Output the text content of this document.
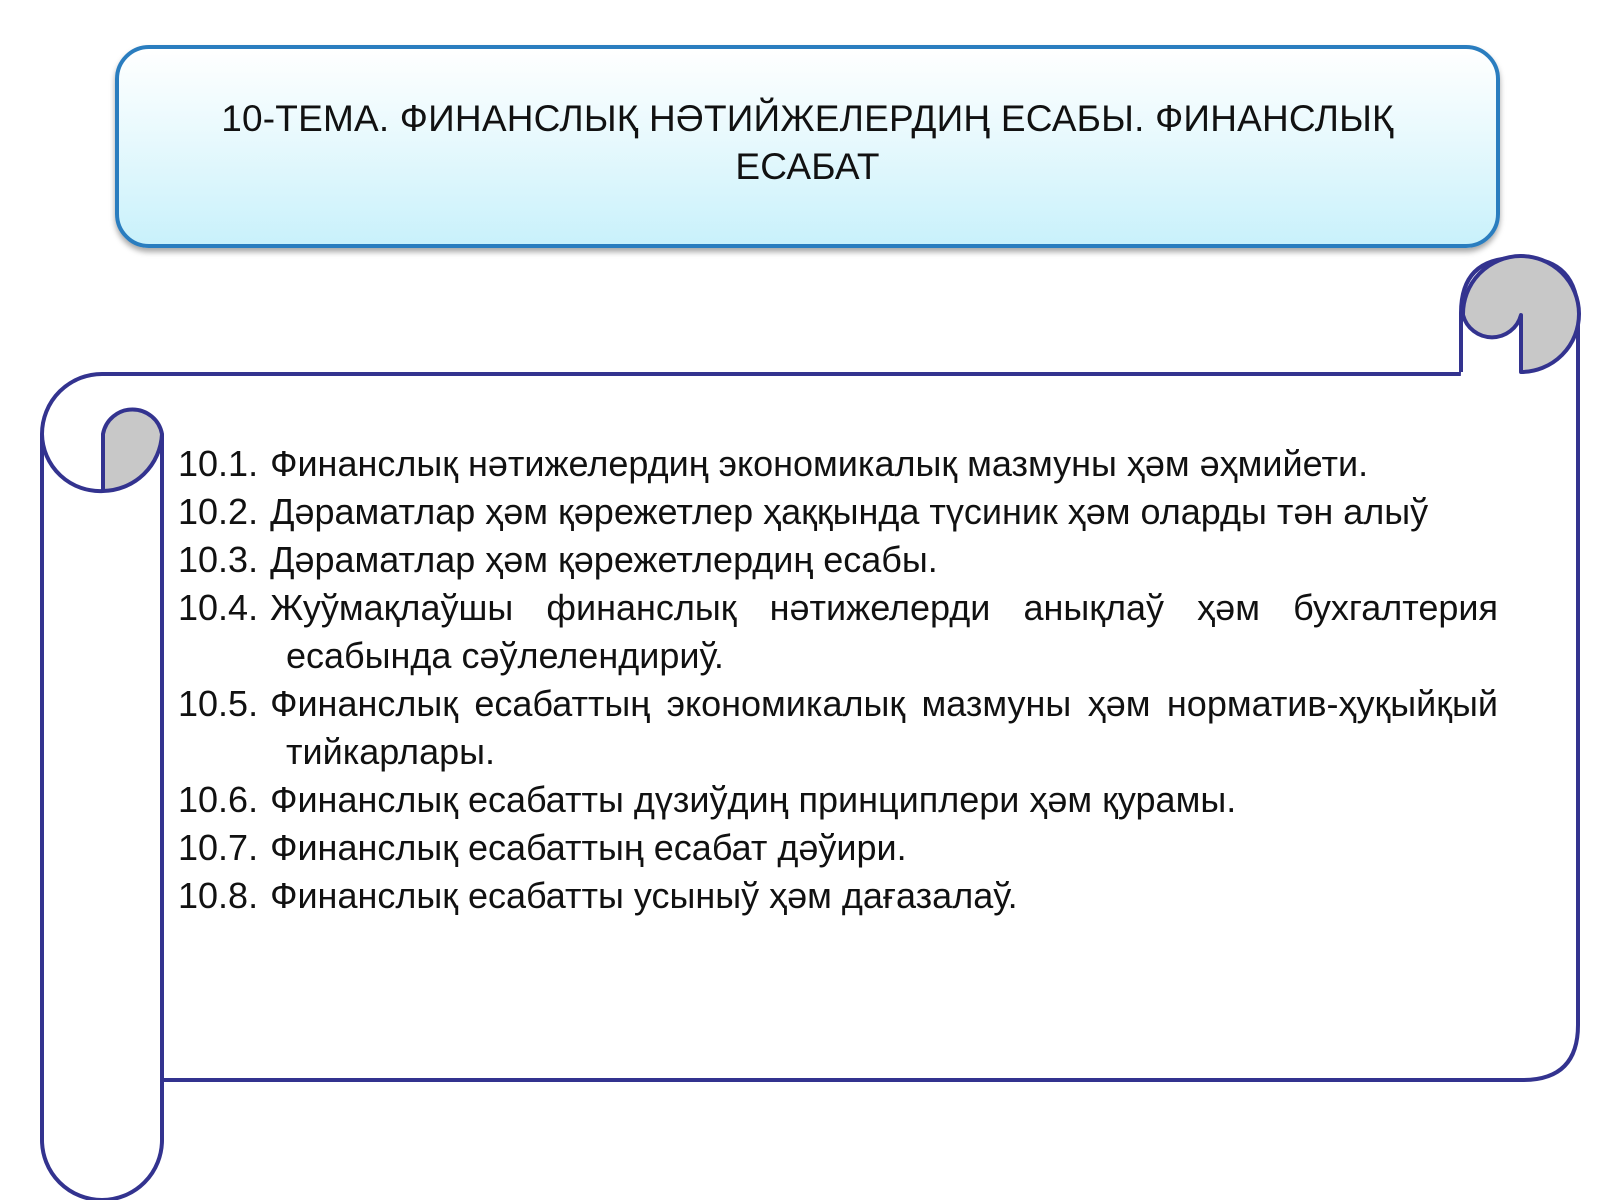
10-ТЕМА. ФИНАНСЛЫҚ НӘТИЙЖЕЛЕРДИҢ ЕСАБЫ. ФИНАНСЛЫҚ ЕСАБАТ
10.1. Финанслық нәтижелердиң экономикалық мазмуны ҳәм әҳмийети.
10.2. Дәраматлар ҳәм қәрежетлер ҳаққында түсиник ҳәм оларды тән алыў
10.3. Дәраматлар ҳәм қәрежетлердиң есабы.
10.4. Жуўмақлаўшы финанслық нәтижелерди анықлаў ҳәм бухгалтерия есабында сәўлелендириў.
10.5. Финанслық есабаттың экономикалық мазмуны ҳәм норматив-ҳуқыйқый тийкарлары.
10.6. Финанслық есабатты дүзиўдиң принциплери ҳәм қурамы.
10.7. Финанслық есабаттың есабат дәўири.
10.8. Финанслық есабатты усыныў ҳәм дағазалаў.
